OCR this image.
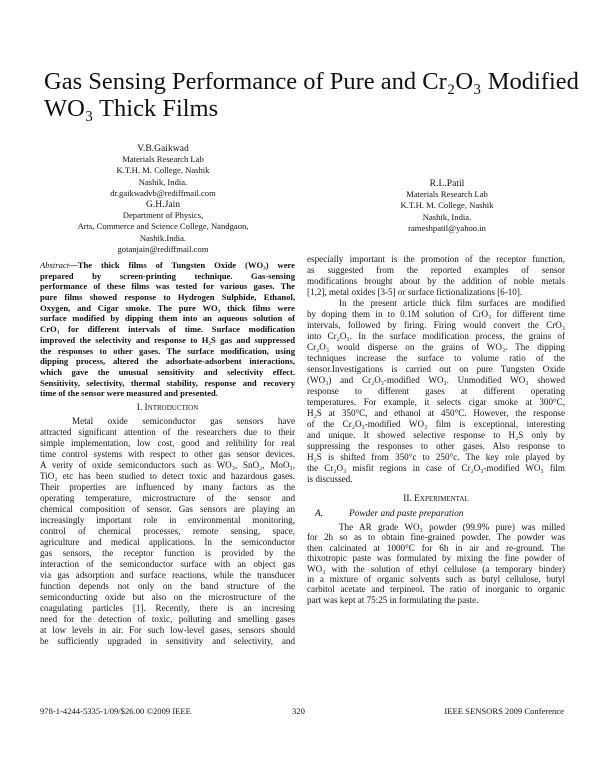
Gas Sensing Performance of Pure and Cr₂O₃ Modified
WO₃ Thick Films
V.B.Gaikwad
Materials Research Lab
K.T.H. M. College, Nashik
Nashik, India.
dr.gaikwadvb@rediffmail.com
G.H.Jain
Department of Physics,
Arts, Commerce and Science College, Nandgaon,
Nashik.India.
gotanjain@rediffmail.com
R.L.Patil
Materials Research Lab
K.T.H. M. College, Nashik
Nashik, India.
rameshpatil@yahoo.in
Abstract—The thick films of Tungsten Oxide (WO₃) were
prepared by screen-printing technique. Gas-sensing
performance of these films was tested for various gases. The
pure films showed response to Hydrogen Sulphide, Ethanol,
Oxygen, and Cigar smoke. The pure WO₃ thick films were
surface modified by dipping them into an aqueous solution of
CrO₃ for different intervals of time. Surface modification
improved the selectivity and response to H₂S gas and suppressed
the responses to other gases. The surface modification, using
dipping process, altered the adsorbate-adsorbent interactions,
which gave the unusual sensitivity and selectivity effect.
Sensitivity, selectivity, thermal stability, response and recovery
time of the sensor were measured and presented.
I. Introduction
Metal oxide semiconductor gas sensors have
attracted significant attention of the researchers due to their
simple implementation, low cost, good and relibility for real
time control systems with respect to other gas sensor devices.
A verity of oxide semiconductors such as WO₃, SnO₂, MoO₃,
TiO₂ etc has been studied to detect toxic and hazardous gases.
Their properties are influenced by many factors as the
operating temperature, microstructure of the sensor and
chemical composition of sensor. Gas sensors are playing an
increasingly important role in environmental monitoring,
control of chemical processes, remote sensing, space,
agriculture and medical applications. In the semiconductor
gas sensors, the receptor function is provided by the
interaction of the semiconductor surface with an object gas
via gas adsorption and surface reactions, while the transducer
function depends not only on the band structure of the
semiconducting oxide but also on the microstructure of the
coagulating particles [1]. Recently, there is an incresing
need for the detection of toxic, polluting and smelling gases
at low levels in air. For such low-level gases, sensors should
be sufficiently upgraded in sensitivity and selectivity, and
especially important is the promotion of the receptor function,
as suggested from the reported examples of sensor
modifications brought about by the addition of noble metals
[1,2], metal oxides [3-5] or surface fictionalizations [6-10].
In the present article thick film surfaces are modified
by doping them in to 0.1M solution of CrO₃ for different time
intervals, followed by firing. Firing would convert the CrO₃
into Cr₂O₃. In the surface modification process, the grains of
Cr₂O₃ would disperse on the grains of WO₃. The dipping
techniques increase the surface to volume ratio of the
sensor.Investigations is carried out on pure Tungsten Oxide
(WO₃) and Cr₂O₃-modified WO₃. Unmodified WO₃ showed
response to different gases at different operating
temperatures. For example, it selects cigar smoke at 300°C,
H₂S at 350°C, and ethanol at 450°C. However, the response
of the Cr₂O₃-modified WO₃ film is exceptional, interesting
and unique. It showed selective response to H₂S only by
suppressing the responses to other gases. Also response to
H₂S is shifted from 350°c to 250°c. The key role played by
the Cr₂O₃ misfit regions in case of Cr₂O₃-modified WO₃ film
is discussed.
II. Experimental
A.	Powder and paste preparation
The AR grade WO₃ powder (99.9% pure) was milled
for 2h so as to obtain fine-grained powder. The powder was
then calcinated at 1000°C for 6h in air and re-ground. The
thixotropic paste was formulated by mixing the fine powder of
WO₃ with the solution of ethyl cellulose (a temporary binder)
in a mixture of organic solvents such as butyl cellulose, butyl
carbitol acetate and terpineol. The ratio of inorganic to organic
part was kept at 75:25 in formulating the paste.
978-1-4244-5335-1/09/$26.00 ©2009 IEEE	320	IEEE SENSORS 2009 Conference
